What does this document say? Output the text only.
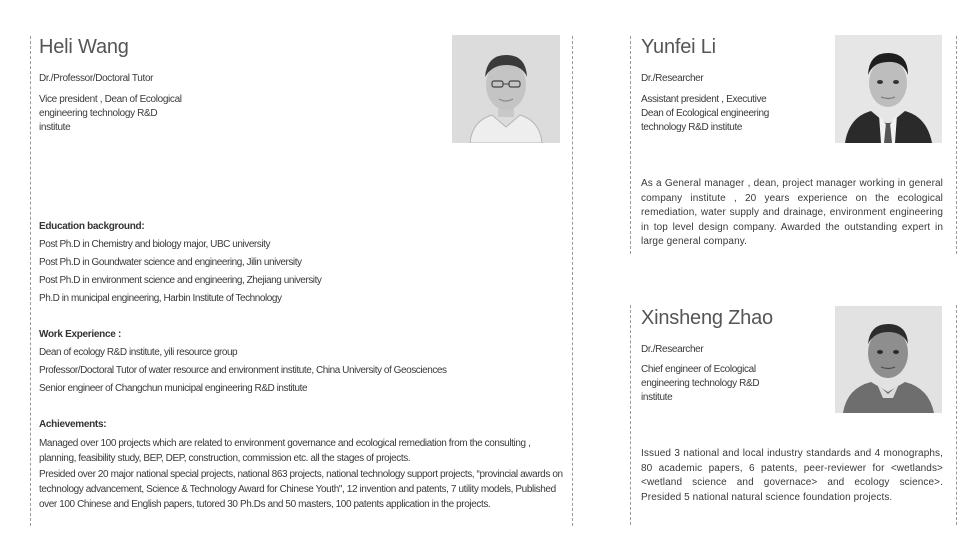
Heli Wang
Dr./Professor/Doctoral Tutor
Vice president , Dean of Ecological
engineering technology R&D
institute
Education background:
Post Ph.D in Chemistry and biology major, UBC university
Post Ph.D in Goundwater science and engineering, Jilin university
Post Ph.D in environment science and engineering, Zhejiang university
Ph.D in municipal engineering, Harbin Institute of Technology
Work Experience :
Dean of ecology R&D institute, yili resource group
Professor/Doctoral Tutor of water resource and environment institute, China University of Geosciences
Senior engineer of Changchun municipal engineering R&D institute
Achievements:
Managed over 100 projects which are related to environment governance and ecological remediation from the consulting , planning, feasibility study, BEP, DEP, construction, commission etc. all the stages of projects.
Presided over 20 major national special projects, national 863 projects, national technology support projects, “provincial awards on technology advancement, Science & Technology Award for Chinese Youth", 12 invention and patents, 7 utility models, Published over 100 Chinese and English papers, tutored 30 Ph.Ds and 50 masters, 100 patents application in the projects.
Yunfei Li
Dr./Researcher
Assistant president , Executive
Dean of Ecological engineering
technology R&D institute
As a General manager , dean, project manager working in general company institute , 20 years experience on the ecological remediation, water supply and drainage, environment engineering in top level design company. Awarded the outstanding expert in large general company.
Xinsheng Zhao
Dr./Researcher
Chief engineer of Ecological
engineering technology R&D
institute
Issued 3 national and local industry standards and 4 monographs, 80 academic papers, 6 patents, peer-reviewer for <wetlands><wetland science and governace> and ecology science>. Presided 5 national natural science foundation projects.
